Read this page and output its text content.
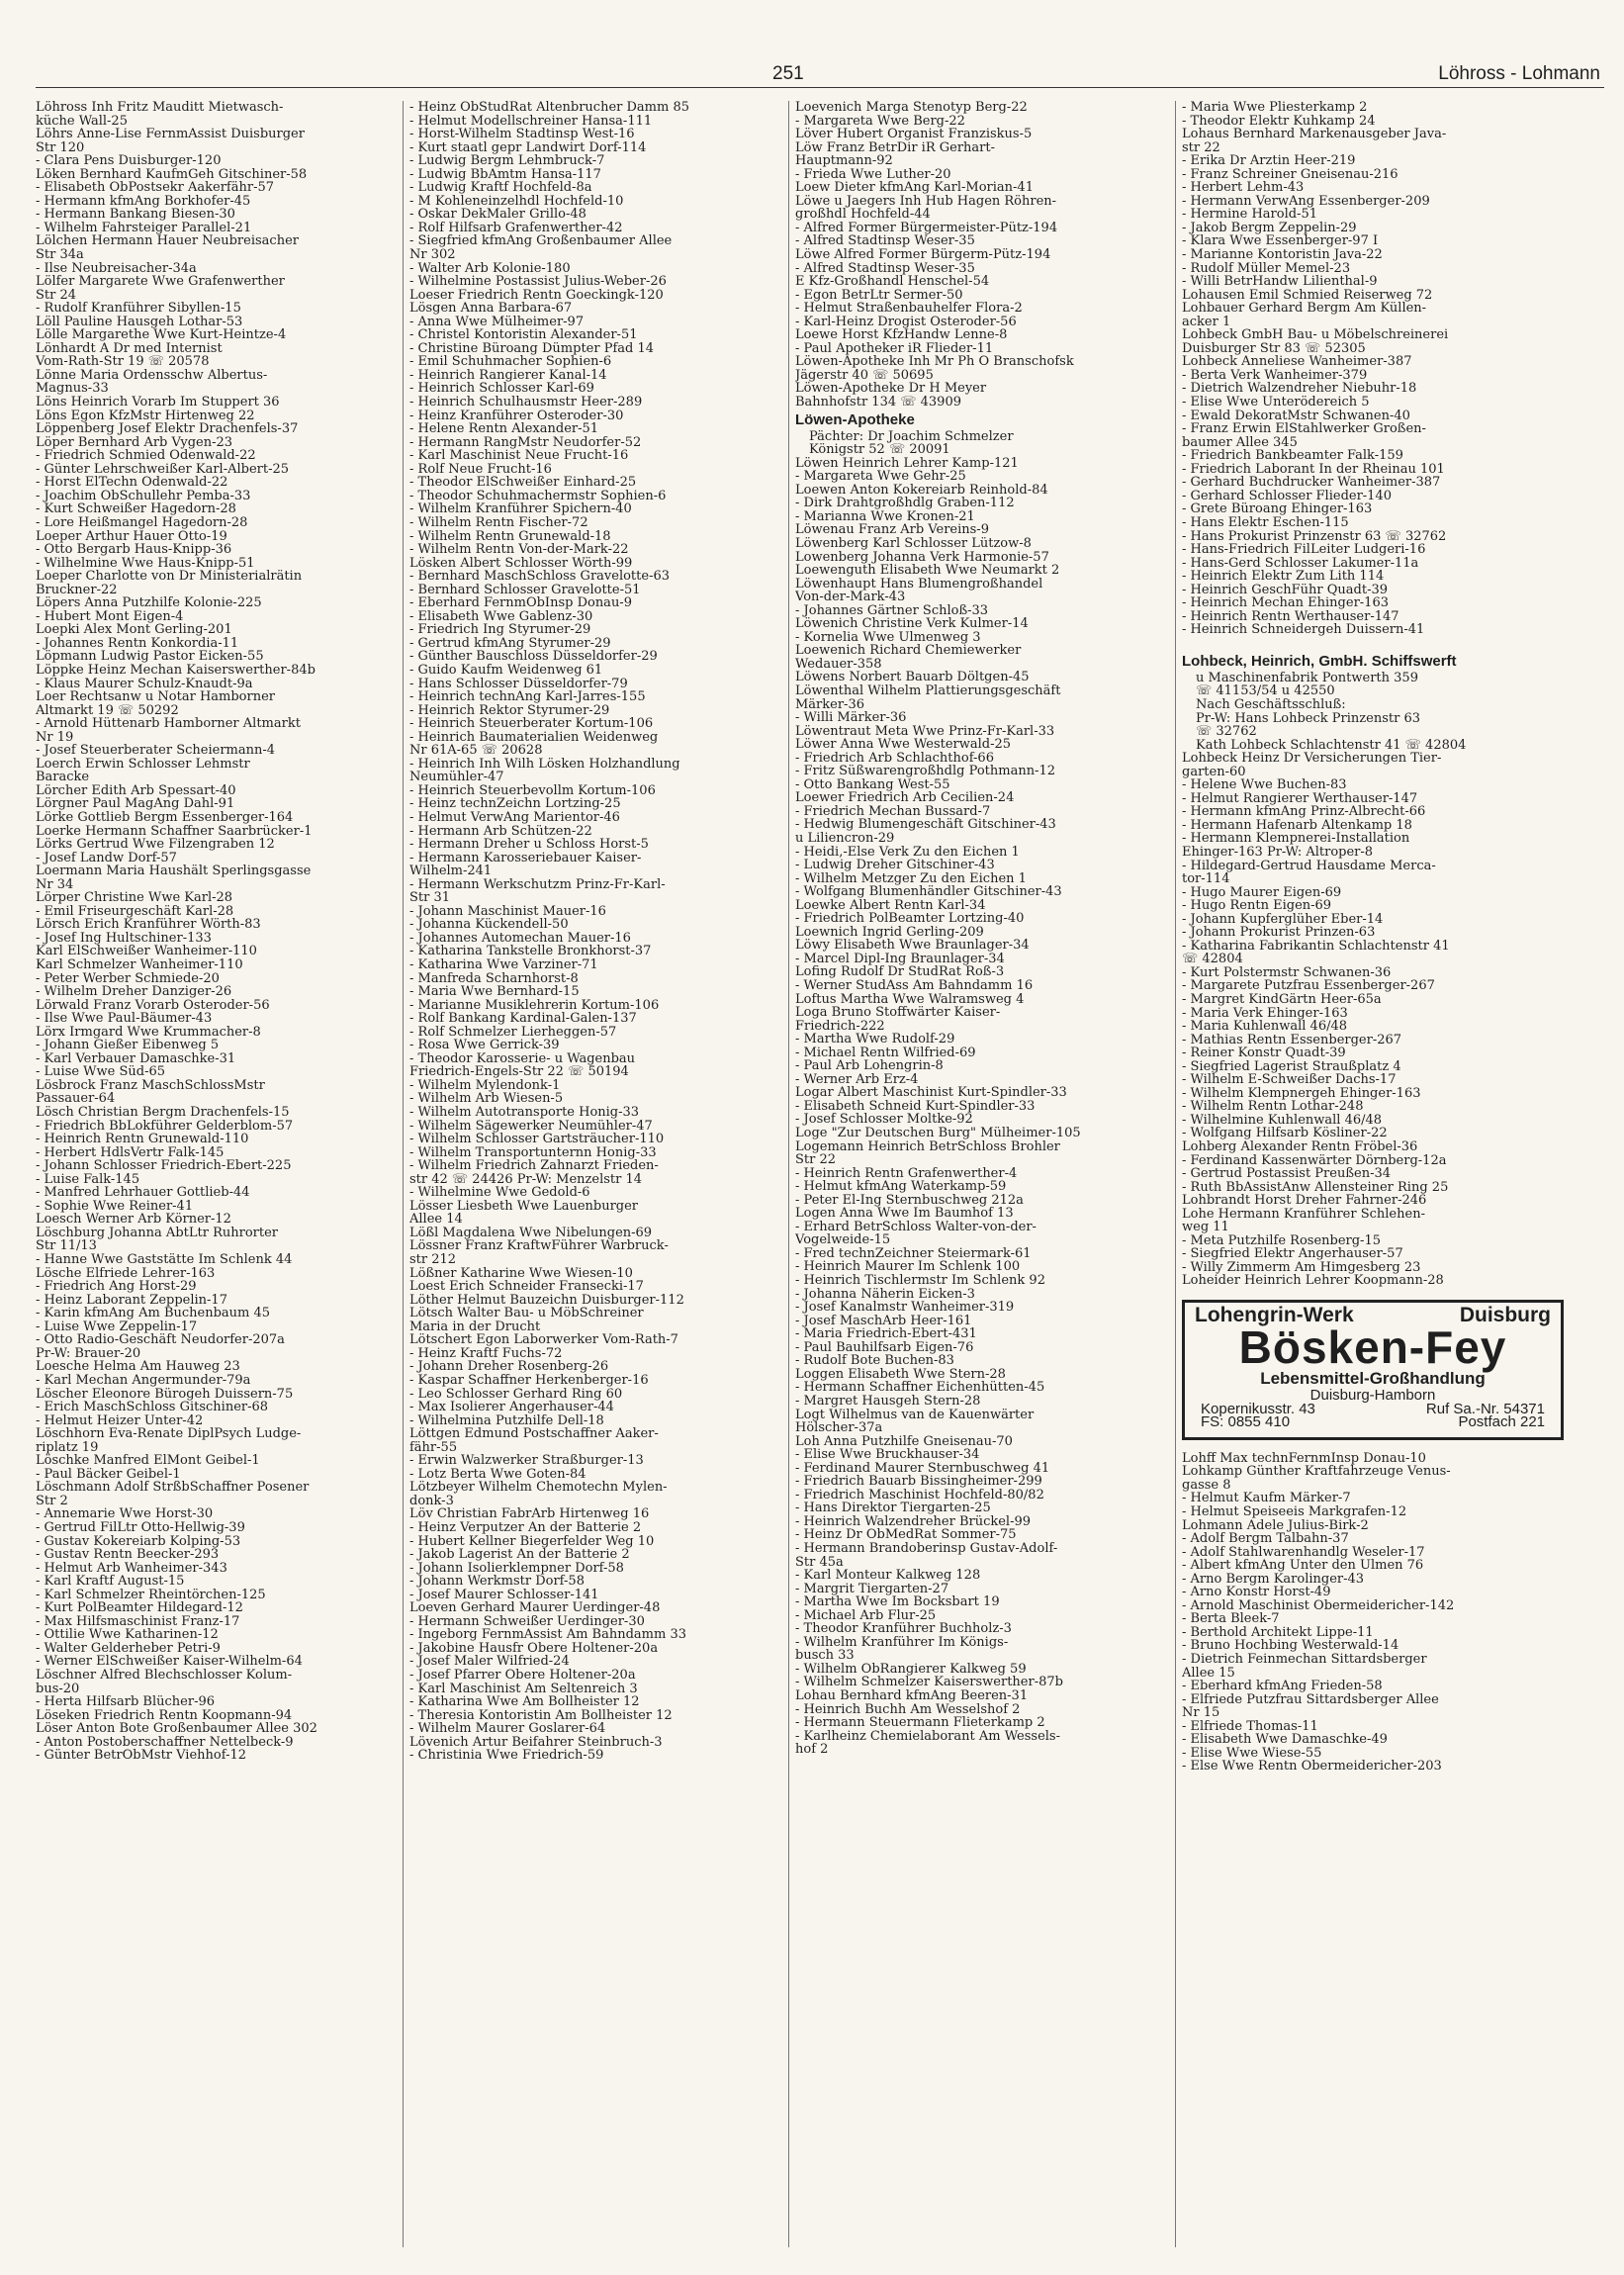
251	Löhross - Lohmann
Löhross Inh Fritz Mauditt Mietwasch-
küche Wall-25
Löhrs Anne-Lise FernmAssist Duisburger
Str 120
- Clara Pens Duisburger-120
Löken Bernhard KaufmGeh Gitschiner-58
- Elisabeth ObPostsekr Aakerfähr-57
- Hermann kfmAng Borkhofer-45
- Hermann Bankang Biesen-30
- Wilhelm Fahrsteiger Parallel-21
Lölchen Hermann Hauer Neubreisacher
Str 34a
- Ilse Neubreisacher-34a
Lölfer Margarete Wwe Grafenwerther
Str 24
- Rudolf Kranführer Sibyllen-15
Löll Pauline Hausgeh Lothar-53
Lölle Margarethe Wwe Kurt-Heintze-4
Lönhardt A Dr med Internist
Vom-Rath-Str 19 ☏ 20578
Lönne Maria Ordensschw Albertus-
Magnus-33
Löns Heinrich Vorarb Im Stuppert 36
Löns Egon KfzMstr Hirtenweg 22
Löppenberg Josef Elektr Drachenfels-37
Löper Bernhard Arb Vygen-23
- Friedrich Schmied Odenwald-22
- Günter Lehrschweißer Karl-Albert-25
- Horst ElTechn Odenwald-22
- Joachim ObSchullehr Pemba-33
- Kurt Schweißer Hagedorn-28
- Lore Heißmangel Hagedorn-28
Loeper Arthur Hauer Otto-19
- Otto Bergarb Haus-Knipp-36
- Wilhelmine Wwe Haus-Knipp-51
Loeper Charlotte von Dr Ministerialrätin
Bruckner-22
Löpers Anna Putzhilfe Kolonie-225
- Hubert Mont Eigen-4
Loepki Alex Mont Gerling-201
- Johannes Rentn Konkordia-11
Löpmann Ludwig Pastor Eicken-55
Löppke Heinz Mechan Kaiserswerther-84b
- Klaus Maurer Schulz-Knaudt-9a
Loer Rechtsanw u Notar Hamborner
Altmarkt 19 ☏ 50292
- Arnold Hüttenarb Hamborner Altmarkt
Nr 19
- Josef Steuerberater Scheiermann-4
Loerch Erwin Schlosser Lehmstr
Baracke
Lörcher Edith Arb Spessart-40
Lörgner Paul MagAng Dahl-91
Lörke Gottlieb Bergm Essenberger-164
Loerke Hermann Schaffner Saarbrücker-1
Lörks Gertrud Wwe Filzengraben 12
- Josef Landw Dorf-57
Loermann Maria Haushält Sperlingsgasse
Nr 34
Lörper Christine Wwe Karl-28
- Emil Friseurgeschäft Karl-28
Lörsch Erich Kranführer Wörth-83
- Josef Ing Hultschiner-133
Karl ElSchweißer Wanheimer-110
Karl Schmelzer Wanheimer-110
- Peter Werber Schmiede-20
- Wilhelm Dreher Danziger-26
Lörwald Franz Vorarb Osteroder-56
- Ilse Wwe Paul-Bäumer-43
Lörx Irmgard Wwe Krummacher-8
- Johann Gießer Eibenweg 5
- Karl Verbauer Damaschke-31
- Luise Wwe Süd-65
Lösbrock Franz MaschSchlossMstr
Passauer-64
Lösch Christian Bergm Drachenfels-15
- Friedrich BbLokführer Gelderblom-57
- Heinrich Rentn Grunewald-110
- Herbert HdlsVertr Falk-145
- Johann Schlosser Friedrich-Ebert-225
- Luise Falk-145
- Manfred Lehrhauer Gottlieb-44
- Sophie Wwe Reiner-41
Loesch Werner Arb Körner-12
Löschburg Johanna AbtLtr Ruhrorter
Str 11/13
- Hanne Wwe Gaststätte Im Schlenk 44
Lösche Elfriede Lehrer-163
- Friedrich Ang Horst-29
- Heinz Laborant Zeppelin-17
- Karin kfmAng Am Buchenbaum 45
- Luise Wwe Zeppelin-17
- Otto Radio-Geschäft Neudorfer-207a
Pr-W: Brauer-20
Loesche Helma Am Hauweg 23
- Karl Mechan Angermunder-79a
Löscher Eleonore Bürogeh Duissern-75
- Erich MaschSchloss Gitschiner-68
- Helmut Heizer Unter-42
Löschhorn Eva-Renate DiplPsych Ludge-
riplatz 19
Löschke Manfred ElMont Geibel-1
- Paul Bäcker Geibel-1
Löschmann Adolf StrßbSchaffner Posener
Str 2
- Annemarie Wwe Horst-30
- Gertrud FilLtr Otto-Hellwig-39
- Gustav Kokereiarb Kolping-53
- Gustav Rentn Beecker-293
- Helmut Arb Wanheimer-343
- Karl Kraftf August-15
- Karl Schmelzer Rheintörchen-125
- Kurt PolBeamter Hildegard-12
- Max Hilfsmaschinist Franz-17
- Ottilie Wwe Katharinen-12
- Walter Gelderheber Petri-9
- Werner ElSchweißer Kaiser-Wilhelm-64
Löschner Alfred Blechschlosser Kolum-
bus-20
- Herta Hilfsarb Blücher-96
Löseken Friedrich Rentn Koopmann-94
Löser Anton Bote Großenbaumer Allee 302
- Anton Postoberschaffner Nettelbeck-9
- Günter BetrObMstr Viehhof-12
- Heinz ObStudRat Altenbrucher Damm 85
- Helmut Modellschreiner Hansa-111
- Horst-Wilhelm Stadtinsp West-16
- Kurt staatl gepr Landwirt Dorf-114
- Ludwig Bergm Lehmbruck-7
- Ludwig BbAmtm Hansa-117
- Ludwig Kraftf Hochfeld-8a
- M Kohleneinzelhdl Hochfeld-10
- Oskar DekMaler Grillo-48
- Rolf Hilfsarb Grafenwerther-42
- Siegfried kfmAng Großenbaumer Allee
Nr 302
- Walter Arb Kolonie-180
- Wilhelmine Postassist Julius-Weber-26
Loeser Friedrich Rentn Goeckingk-120
Lösgen Anna Barbara-67
- Anna Wwe Mülheimer-97
- Christel Kontoristin Alexander-51
- Christine Büroang Dümpter Pfad 14
- Emil Schuhmacher Sophien-6
- Heinrich Rangierer Kanal-14
- Heinrich Schlosser Karl-69
- Heinrich Schulhausmstr Heer-289
- Heinz Kranführer Osteroder-30
- Helene Rentn Alexander-51
- Hermann RangMstr Neudorfer-52
- Karl Maschinist Neue Frucht-16
- Rolf Neue Frucht-16
- Theodor ElSchweißer Einhard-25
- Theodor Schuhmachermstr Sophien-6
- Wilhelm Kranführer Spichern-40
- Wilhelm Rentn Fischer-72
- Wilhelm Rentn Grunewald-18
- Wilhelm Rentn Von-der-Mark-22
Lösken Albert Schlosser Wörth-99
- Bernhard MaschSchloss Gravelotte-63
- Bernhard Schlosser Gravelotte-51
- Eberhard FernmObInsp Donau-9
- Elisabeth Wwe Gablenz-30
- Friedrich Ing Styrumer-29
- Gertrud kfmAng Styrumer-29
- Günther Bauschloss Düsseldorfer-29
- Guido Kaufm Weidenweg 61
- Hans Schlosser Düsseldorfer-79
- Heinrich technAng Karl-Jarres-155
- Heinrich Rektor Styrumer-29
- Heinrich Steuerberater Kortum-106
- Heinrich Baumaterialien Weidenweg
Nr 61A-65 ☏ 20628
- Heinrich Inh Wilh Lösken Holzhandlung
Neumühler-47
- Heinrich Steuerbevollm Kortum-106
- Heinz technZeichn Lortzing-25
- Helmut VerwAng Marientor-46
- Hermann Arb Schützen-22
- Hermann Dreher u Schloss Horst-5
- Hermann Karosseriebauer Kaiser-
Wilhelm-241
- Hermann Werkschutzm Prinz-Fr-Karl-
Str 31
- Johann Maschinist Mauer-16
- Johanna Kückendell-50
- Johannes Automechan Mauer-16
- Katharina Tankstelle Bronkhorst-37
- Katharina Wwe Varziner-71
- Manfreda Scharnhorst-8
- Maria Wwe Bernhard-15
- Marianne Musiklehrerin Kortum-106
- Rolf Bankang Kardinal-Galen-137
- Rolf Schmelzer Lierheggen-57
- Rosa Wwe Gerrick-39
- Theodor Karosserie- u Wagenbau
Friedrich-Engels-Str 22 ☏ 50194
- Wilhelm Mylendonk-1
- Wilhelm Arb Wiesen-5
- Wilhelm Autotransporte Honig-33
- Wilhelm Sägewerker Neumühler-47
- Wilhelm Schlosser Gartsträucher-110
- Wilhelm Transportunternn Honig-33
- Wilhelm Friedrich Zahnarzt Frieden-
str 42 ☏ 24426 Pr-W: Menzelstr 14
- Wilhelmine Wwe Gedold-6
Lösser Liesbeth Wwe Lauenburger
Allee 14
Lößl Magdalena Wwe Nibelungen-69
Lössner Franz KraftwFührer Warbruck-
str 212
Lößner Katharine Wwe Wiesen-10
Loest Erich Schneider Fransecki-17
Löther Helmut Bauzeichn Duisburger-112
Lötsch Walter Bau- u MöbSchreiner
Maria in der Drucht
Lötschert Egon Laborwerker Vom-Rath-7
- Heinz Kraftf Fuchs-72
- Johann Dreher Rosenberg-26
- Kaspar Schaffner Herkenberger-16
- Leo Schlosser Gerhard Ring 60
- Max Isolierer Angerhauser-44
- Wilhelmina Putzhilfe Dell-18
Löttgen Edmund Postschaffner Aaker-
fähr-55
- Erwin Walzwerker Straßburger-13
- Lotz Berta Wwe Goten-84
Lötzbeyer Wilhelm Chemotechn Mylen-
donk-3
Löv Christian FabrArb Hirtenweg 16
- Heinz Verputzer An der Batterie 2
- Hubert Kellner Biegerfelder Weg 10
- Jakob Lagerist An der Batterie 2
- Johann Isolierklempner Dorf-58
- Johann Werkmstr Dorf-58
- Josef Maurer Schlosser-141
Loeven Gerhard Maurer Uerdinger-48
- Hermann Schweißer Uerdinger-30
- Ingeborg FernmAssist Am Bahndamm 33
- Jakobine Hausfr Obere Holtener-20a
- Josef Maler Wilfried-24
- Josef Pfarrer Obere Holtener-20a
- Karl Maschinist Am Seltenreich 3
- Katharina Wwe Am Bollheister 12
- Theresia Kontoristin Am Bollheister 12
- Wilhelm Maurer Goslarer-64
Lövenich Artur Beifahrer Steinbruch-3
- Christinia Wwe Friedrich-59
Loevenich Marga Stenotyp Berg-22
- Margareta Wwe Berg-22
Löver Hubert Organist Franziskus-5
Löw Franz BetrDir iR Gerhart-
Hauptmann-92
- Frieda Wwe Luther-20
Loew Dieter kfmAng Karl-Morian-41
Löwe u Jaegers Inh Hub Hagen Röhren-
großhdl Hochfeld-44
- Alfred Former Bürgermeister-Pütz-194
- Alfred Stadtinsp Weser-35
Löwe Alfred Former Bürgerm-Pütz-194
- Alfred Stadtinsp Weser-35
E Kfz-Großhandl Henschel-54
- Egon BetrLtr Sermer-50
- Helmut Straßenbauhelfer Flora-2
- Karl-Heinz Drogist Osteroder-56
Loewe Horst KfzHandw Lenne-8
- Paul Apotheker iR Flieder-11
Löwen-Apotheke Inh Mr Ph O Branschofsk
Jägerstr 40 ☏ 50695
Löwen-Apotheke Dr H Meyer
Bahnhofstr 134 ☏ 43909
Löwen-Apotheke
Pächter: Dr Joachim Schmelzer
Königstr 52 ☏ 20091
Löwen Heinrich Lehrer Kamp-121
- Margareta Wwe Gehr-25
Loewen Anton Kokereiarb Reinhold-84
- Dirk Drahtgroßhdlg Graben-112
- Marianna Wwe Kronen-21
Löwenau Franz Arb Vereins-9
Löwenberg Karl Schlosser Lützow-8
Lowenberg Johanna Verk Harmonie-57
Loewenguth Elisabeth Wwe Neumarkt 2
Löwenhaupt Hans Blumengroßhandel
Von-der-Mark-43
- Johannes Gärtner Schloß-33
Löwenich Christine Verk Kulmer-14
- Kornelia Wwe Ulmenweg 3
Loewenich Richard Chemiewerker
Wedauer-358
Löwens Norbert Bauarb Döltgen-45
Löwenthal Wilhelm Plattierungsgeschäft
Märker-36
- Willi Märker-36
Löwentraut Meta Wwe Prinz-Fr-Karl-33
Löwer Anna Wwe Westerwald-25
- Friedrich Arb Schlachthof-66
- Fritz Süßwarengroßhdlg Pothmann-12
- Otto Bankang West-55
Loewer Friedrich Arb Cecilien-24
- Friedrich Mechan Bussard-7
- Hedwig Blumengeschäft Gitschiner-43
u Liliencron-29
- Heidi,-Else Verk Zu den Eichen 1
- Ludwig Dreher Gitschiner-43
- Wilhelm Metzger Zu den Eichen 1
- Wolfgang Blumenhändler Gitschiner-43
Loewke Albert Rentn Karl-34
- Friedrich PolBeamter Lortzing-40
Loewnich Ingrid Gerling-209
Löwy Elisabeth Wwe Braunlager-34
- Marcel Dipl-Ing Braunlager-34
Lofing Rudolf Dr StudRat Roß-3
- Werner StudAss Am Bahndamm 16
Loftus Martha Wwe Walramsweg 4
Loga Bruno Stoffwärter Kaiser-
Friedrich-222
- Martha Wwe Rudolf-29
- Michael Rentn Wilfried-69
- Paul Arb Lohengrin-8
- Werner Arb Erz-4
Logar Albert Maschinist Kurt-Spindler-33
- Elisabeth Schneid Kurt-Spindler-33
- Josef Schlosser Moltke-92
Loge "Zur Deutschen Burg" Mülheimer-105
Logemann Heinrich BetrSchloss Brohler
Str 22
- Heinrich Rentn Grafenwerther-4
- Helmut kfmAng Waterkamp-59
- Peter El-Ing Sternbuschweg 212a
Logen Anna Wwe Im Baumhof 13
- Erhard BetrSchloss Walter-von-der-
Vogelweide-15
- Fred technZeichner Steiermark-61
- Heinrich Maurer Im Schlenk 100
- Heinrich Tischlermstr Im Schlenk 92
- Johanna Näherin Eicken-3
- Josef Kanalmstr Wanheimer-319
- Josef MaschArb Heer-161
- Maria Friedrich-Ebert-431
- Paul Bauhilfsarb Eigen-76
- Rudolf Bote Buchen-83
Loggen Elisabeth Wwe Stern-28
- Hermann Schaffner Eichenhütten-45
- Margret Hausgeh Stern-28
Logt Wilhelmus van de Kauenwärter
Hölscher-37a
Loh Anna Putzhilfe Gneisenau-70
- Elise Wwe Bruckhauser-34
- Ferdinand Maurer Sternbuschweg 41
- Friedrich Bauarb Bissingheimer-299
- Friedrich Maschinist Hochfeld-80/82
- Hans Direktor Tiergarten-25
- Heinrich Walzendreher Brückel-99
- Heinz Dr ObMedRat Sommer-75
- Hermann Brandoberinsp Gustav-Adolf-
Str 45a
- Karl Monteur Kalkweg 128
- Margrit Tiergarten-27
- Martha Wwe Im Bocksbart 19
- Michael Arb Flur-25
- Theodor Kranführer Buchholz-3
- Wilhelm Kranführer Im Königs-
busch 33
- Wilhelm ObRangierer Kalkweg 59
- Wilhelm Schmelzer Kaiserswerther-87b
Lohau Bernhard kfmAng Beeren-31
- Heinrich Buchh Am Wesselshof 2
- Hermann Steuermann Flieterkamp 2
- Karlheinz Chemielaborant Am Wessels-
hof 2
- Maria Wwe Pliesterkamp 2
- Theodor Elektr Kuhkamp 24
Lohaus Bernhard Markenausgeber Java-
str 22
- Erika Dr Ärztin Heer-219
- Franz Schreiner Gneisenau-216
- Herbert Lehm-43
- Hermann VerwAng Essenberger-209
- Hermine Harold-51
- Jakob Bergm Zeppelin-29
- Klara Wwe Essenberger-97 I
- Marianne Kontoristin Java-22
- Rudolf Müller Memel-23
- Willi BetrHandw Lilienthal-9
Lohausen Emil Schmied Reiserweg 72
Lohbauer Gerhard Bergm Am Küllen-
acker 1
Lohbeck GmbH Bau- u Möbelschreinerei
Duisburger Str 83 ☏ 52305
Lohbeck Anneliese Wanheimer-387
- Berta Verk Wanheimer-379
- Dietrich Walzendreher Niebuhr-18
- Elise Wwe Unterödereich 5
- Ewald DekoratMstr Schwanen-40
- Franz Erwin ElStahlwerker Großen-
baumer Allee 345
- Friedrich Bankbeamter Falk-159
- Friedrich Laborant In der Rheinau 101
- Gerhard Buchdrucker Wanheimer-387
- Gerhard Schlosser Flieder-140
- Grete Büroang Ehinger-163
- Hans Elektr Eschen-115
- Hans Prokurist Prinzenstr 63 ☏ 32762
- Hans-Friedrich FilLeiter Ludgeri-16
- Hans-Gerd Schlosser Lakumer-11a
- Heinrich Elektr Zum Lith 114
- Heinrich GeschFühr Quadt-39
- Heinrich Mechan Ehinger-163
- Heinrich Rentn Werthauser-147
- Heinrich Schneidergeh Duissern-41
Lohbeck, Heinrich, GmbH. Schiffswerft
u Maschinenfabrik Pontwerth 359
☏ 41153/54 u 42550
Nach Geschäftsschluß:
Pr-W: Hans Lohbeck Prinzenstr 63
☏ 32762
Kath Lohbeck Schlachtenstr 41 ☏ 42804
Lohbeck Heinz Dr Versicherungen Tier-
garten-60
- Helene Wwe Buchen-83
- Helmut Rangierer Werthauser-147
- Hermann kfmAng Prinz-Albrecht-66
- Hermann Hafenarb Altenkamp 18
- Hermann Klempnerei-Installation
Ehinger-163 Pr-W: Altroper-8
- Hildegard-Gertrud Hausdame Merca-
tor-114
- Hugo Maurer Eigen-69
- Hugo Rentn Eigen-69
- Johann Kupferglüher Eber-14
- Johann Prokurist Prinzen-63
- Katharina Fabrikantin Schlachtenstr 41
☏ 42804
- Kurt Polstermstr Schwanen-36
- Margarete Putzfrau Essenberger-267
- Margret KindGärtn Heer-65a
- Maria Verk Ehinger-163
- Maria Kuhlenwall 46/48
- Mathias Rentn Essenberger-267
- Reiner Konstr Quadt-39
- Siegfried Lagerist Straußplatz 4
- Wilhelm E-Schweißer Dachs-17
- Wilhelm Klempnergeh Ehinger-163
- Wilhelm Rentn Lothar-248
- Wilhelmine Kuhlenwall 46/48
- Wolfgang Hilfsarb Kösliner-22
Lohberg Alexander Rentn Fröbel-36
- Ferdinand Kassenwärter Dörnberg-12a
- Gertrud Postassist Preußen-34
- Ruth BbAssistAnw Allensteiner Ring 25
Lohbrandt Horst Dreher Fahrner-246
Lohe Hermann Kranführer Schlehen-
weg 11
- Meta Putzhilfe Rosenberg-15
- Siegfried Elektr Angerhauser-57
- Willy Zimmerm Am Himgesberg 23
Loheider Heinrich Lehrer Koopmann-28
Lohengrin-Werk	Duisburg
Bösken-Fey
Lebensmittel-Großhandlung
Duisburg-Hamborn
Kopernikusstr. 43	Ruf Sa.-Nr. 54371
FS: 0855 410	Postfach 221
Lohff Max technFernmInsp Donau-10
Lohkamp Günther Kraftfahrzeuge Venus-
gasse 8
- Helmut Kaufm Märker-7
- Helmut Speiseeis Markgrafen-12
Lohmann Adele Julius-Birk-2
- Adolf Bergm Talbahn-37
- Adolf Stahlwarenhandlg Weseler-17
- Albert kfmAng Unter den Ulmen 76
- Arno Bergm Karolinger-43
- Arno Konstr Horst-49
- Arnold Maschinist Obermeidericher-142
- Berta Bleek-7
- Berthold Architekt Lippe-11
- Bruno Hochbing Westerwald-14
- Dietrich Feinmechan Sittardsberger
Allee 15
- Eberhard kfmAng Frieden-58
- Elfriede Putzfrau Sittardsberger Allee
Nr 15
- Elfriede Thomas-11
- Elisabeth Wwe Damaschke-49
- Elise Wwe Wiese-55
- Else Wwe Rentn Obermeidericher-203
